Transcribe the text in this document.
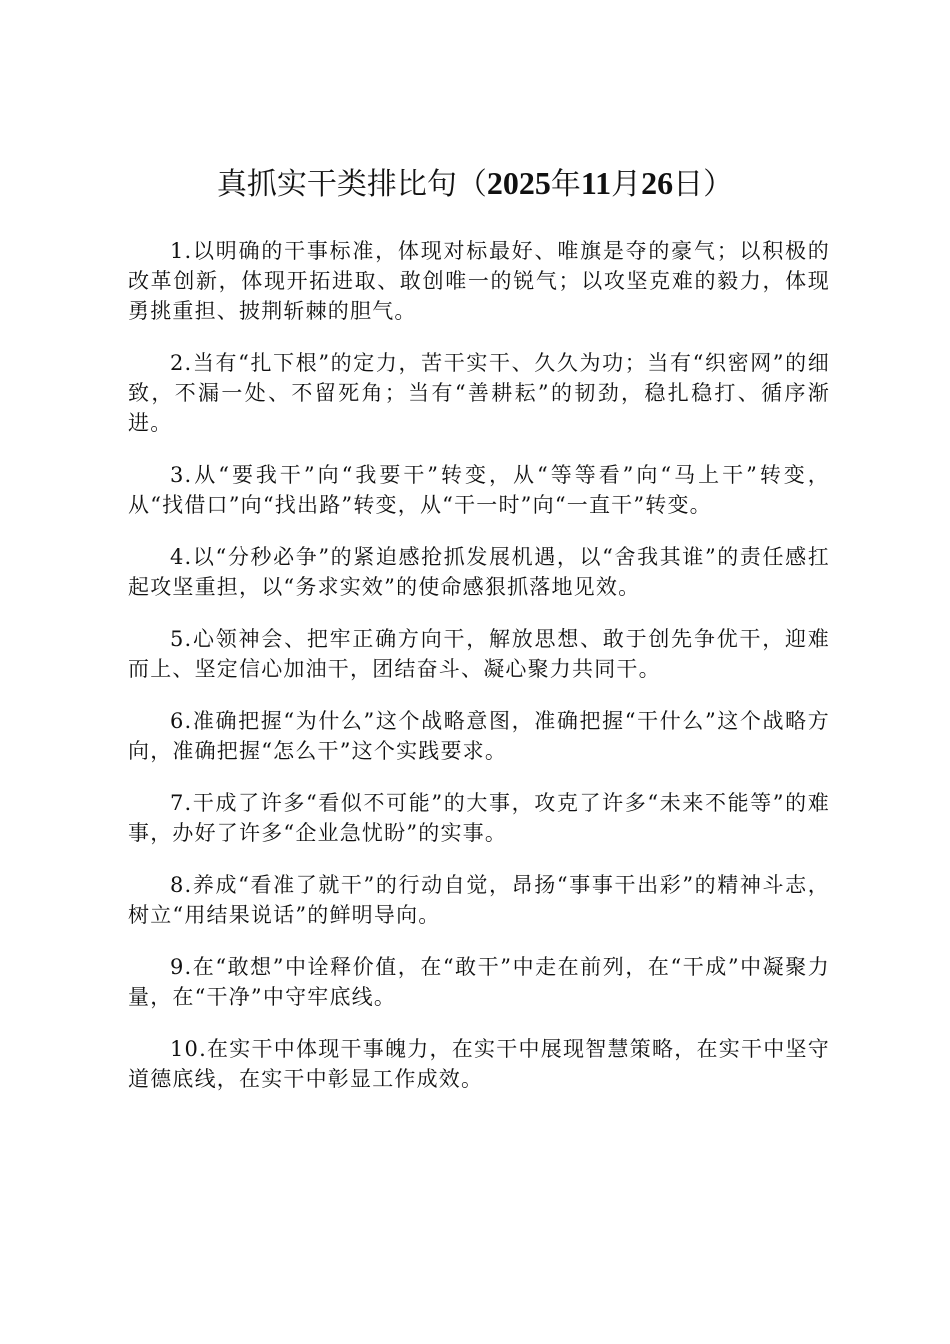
真抓实干类排比句（2025年11月26日）

1.以明确的干事标准，体现对标最好、唯旗是夺的豪气；以积极的改革创新，体现开拓进取、敢创唯一的锐气；以攻坚克难的毅力，体现勇挑重担、披荆斩棘的胆气。

2.当有“扎下根”的定力，苦干实干、久久为功；当有“织密网”的细致，不漏一处、不留死角；当有“善耕耘”的韧劲，稳扎稳打、循序渐进。

3.从“要我干”向“我要干”转变，从“等等看”向“马上干”转变，从“找借口”向“找出路”转变，从“干一时”向“一直干”转变。

4.以“分秒必争”的紧迫感抢抓发展机遇，以“舍我其谁”的责任感扛起攻坚重担，以“务求实效”的使命感狠抓落地见效。

5.心领神会、把牢正确方向干，解放思想、敢于创先争优干，迎难而上、坚定信心加油干，团结奋斗、凝心聚力共同干。

6.准确把握“为什么”这个战略意图，准确把握“干什么”这个战略方向，准确把握“怎么干”这个实践要求。

7.干成了许多“看似不可能”的大事，攻克了许多“未来不能等”的难事，办好了许多“企业急忧盼”的实事。

8.养成“看准了就干”的行动自觉，昂扬“事事干出彩”的精神斗志，树立“用结果说话”的鲜明导向。

9.在“敢想”中诠释价值，在“敢干”中走在前列，在“干成”中凝聚力量，在“干净”中守牢底线。

10.在实干中体现干事魄力，在实干中展现智慧策略，在实干中坚守道德底线，在实干中彰显工作成效。
